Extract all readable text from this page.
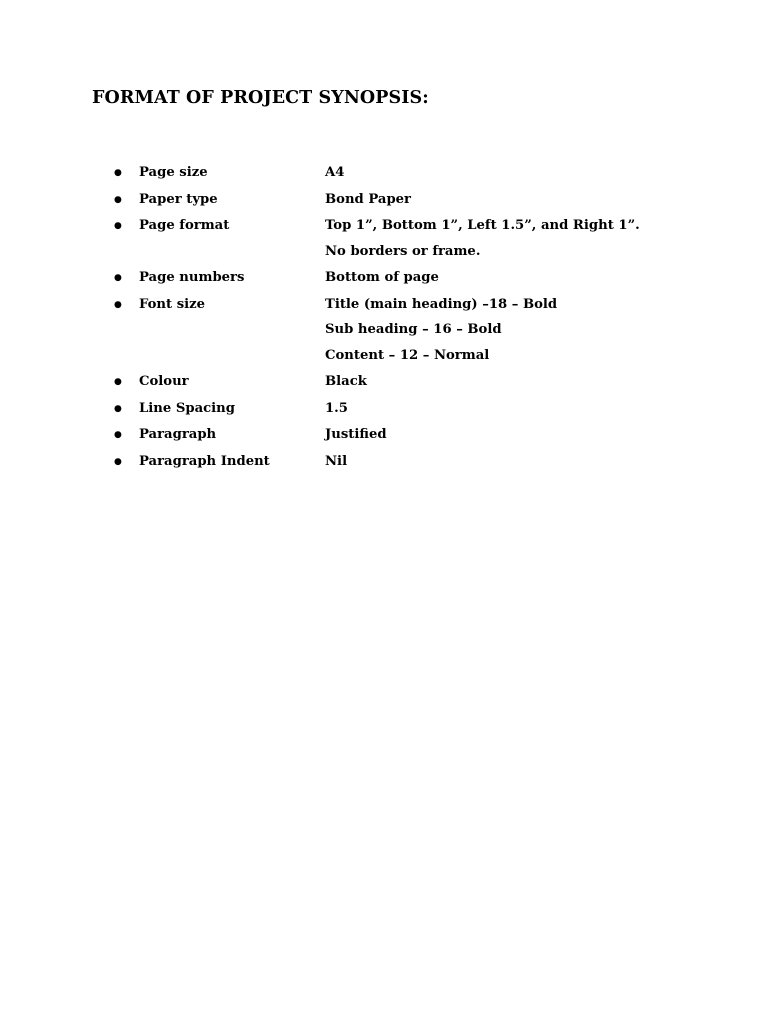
FORMAT OF PROJECT SYNOPSIS:
● Page size	A4
● Paper type	Bond Paper
● Page format	Top 1”, Bottom 1”, Left 1.5”, and Right 1”.
No borders or frame.
● Page numbers	Bottom of page
● Font size	Title (main heading) –18 – Bold
Sub heading – 16 – Bold
Content – 12 – Normal
● Colour	Black
● Line Spacing	1.5
● Paragraph	Justified
● Paragraph Indent	Nil
